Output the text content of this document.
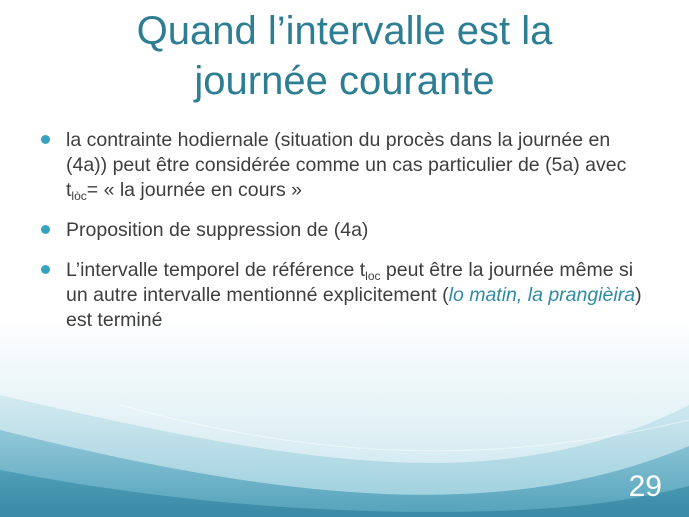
Quand l’intervalle est la
journée courante
la contrainte hodiernale (situation du procès dans la journée en (4a)) peut être considérée comme un cas particulier de (5a) avec $t_{lòc}=$ « la journée en cours »
Proposition de suppression de (4a)
L’intervalle temporel de référence $t_{loc}$ peut être la journée même si un autre intervalle mentionné explicitement (lo matin, la prangièira) est terminé
29
